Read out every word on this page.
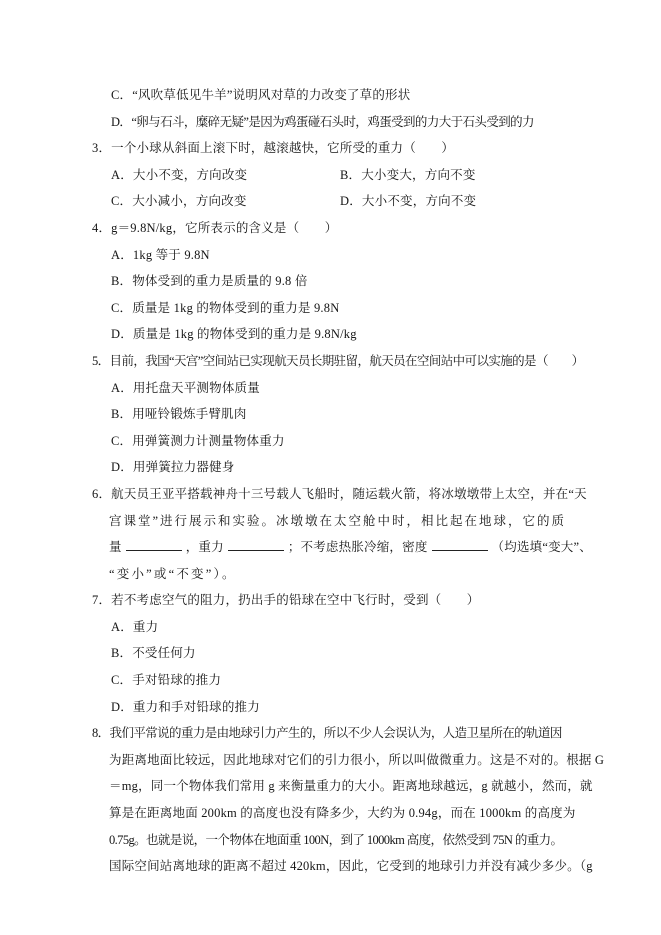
C．“风吹草低见牛羊”说明风对草的力改变了草的形状
D．“卵与石斗，糜碎无疑”是因为鸡蛋碰石头时，鸡蛋受到的力大于石头受到的力
3．一个小球从斜面上滚下时，越滚越快，它所受的重力（　　）
A．大小不变，方向改变	B．大小变大，方向不变
C．大小减小，方向改变	D．大小不变，方向不变
4．g＝9.8N/kg，它所表示的含义是（　　）
A．1kg 等于 9.8N
B．物体受到的重力是质量的 9.8 倍
C．质量是 1kg 的物体受到的重力是 9.8N
D．质量是 1kg 的物体受到的重力是 9.8N/kg
5．目前，我国“天宫”空间站已实现航天员长期驻留，航天员在空间站中可以实施的是（　　）
A．用托盘天平测物体质量
B．用哑铃锻炼手臂肌肉
C．用弹簧测力计测量物体重力
D．用弹簧拉力器健身
6．航天员王亚平搭载神舟十三号载人飞船时，随运载火箭，将冰墩墩带上太空，并在“天
宫课堂”进行展示和实验。冰墩墩在太空舱中时，相比起在地球，它的质
量	，重力	；不考虑热胀冷缩，密度	（均选填“变大”、
“变小”或“不变”）。
7．若不考虑空气的阻力，扔出手的铅球在空中飞行时，受到（　　）
A．重力
B．不受任何力
C．手对铅球的推力
D．重力和手对铅球的推力
8．我们平常说的重力是由地球引力产生的，所以不少人会误认为，人造卫星所在的轨道因
为距离地面比较远，因此地球对它们的引力很小，所以叫做微重力。这是不对的。根据 G
＝mg，同一个物体我们常用 g 来衡量重力的大小。距离地球越远，g 就越小，然而，就
算是在距离地面 200km 的高度也没有降多少，大约为 0.94g，而在 1000km 的高度为
0.75g。也就是说，一个物体在地面重 100N，到了 1000km 高度，依然受到 75N 的重力。
国际空间站离地球的距离不超过 420km，因此，它受到的地球引力并没有减少多少。（g
